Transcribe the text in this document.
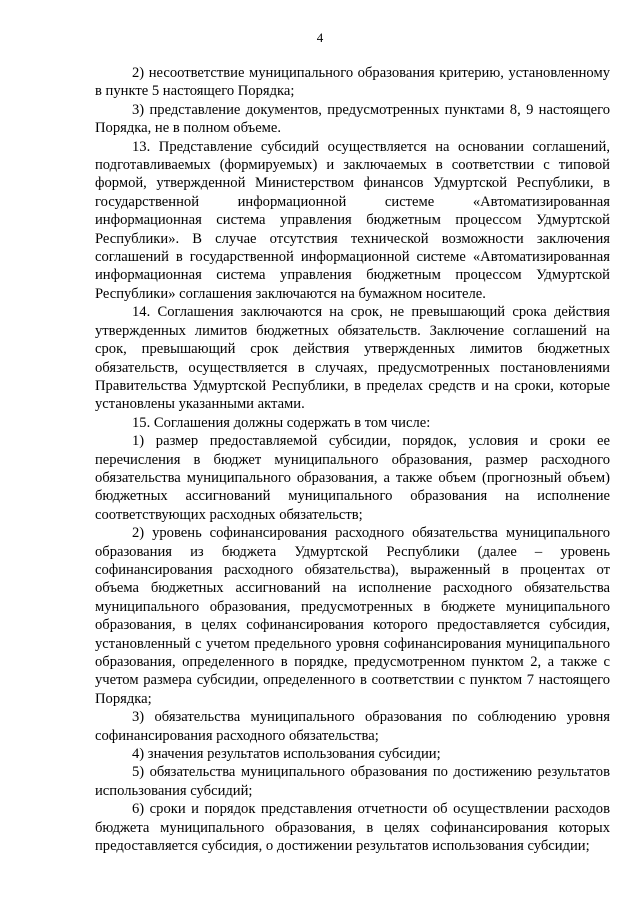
4

2) несоответствие муниципального образования критерию, установленному в пункте 5 настоящего Порядка;

3) представление документов, предусмотренных пунктами 8, 9 настоящего Порядка, не в полном объеме.

13. Представление субсидий осуществляется на основании соглашений, подготавливаемых (формируемых) и заключаемых в соответствии с типовой формой, утвержденной Министерством финансов Удмуртской Республики, в государственной информационной системе «Автоматизированная информационная система управления бюджетным процессом Удмуртской Республики». В случае отсутствия технической возможности заключения соглашений в государственной информационной системе «Автоматизированная информационная система управления бюджетным процессом Удмуртской Республики» соглашения заключаются на бумажном носителе.

14. Соглашения заключаются на срок, не превышающий срока действия утвержденных лимитов бюджетных обязательств. Заключение соглашений на срок, превышающий срок действия утвержденных лимитов бюджетных обязательств, осуществляется в случаях, предусмотренных постановлениями Правительства Удмуртской Республики, в пределах средств и на сроки, которые установлены указанными актами.

15. Соглашения должны содержать в том числе:

1) размер предоставляемой субсидии, порядок, условия и сроки ее перечисления в бюджет муниципального образования, размер расходного обязательства муниципального образования, а также объем (прогнозный объем) бюджетных ассигнований муниципального образования на исполнение соответствующих расходных обязательств;

2) уровень софинансирования расходного обязательства муниципального образования из бюджета Удмуртской Республики (далее – уровень софинансирования расходного обязательства), выраженный в процентах от объема бюджетных ассигнований на исполнение расходного обязательства муниципального образования, предусмотренных в бюджете муниципального образования, в целях софинансирования которого предоставляется субсидия, установленный с учетом предельного уровня софинансирования муниципального образования, определенного в порядке, предусмотренном пунктом 2, а также с учетом размера субсидии, определенного в соответствии с пунктом 7 настоящего Порядка;

3) обязательства муниципального образования по соблюдению уровня софинансирования расходного обязательства;

4) значения результатов использования субсидии;

5) обязательства муниципального образования по достижению результатов использования субсидий;

6) сроки и порядок представления отчетности об осуществлении расходов бюджета муниципального образования, в целях софинансирования которых предоставляется субсидия, о достижении результатов использования субсидии;
